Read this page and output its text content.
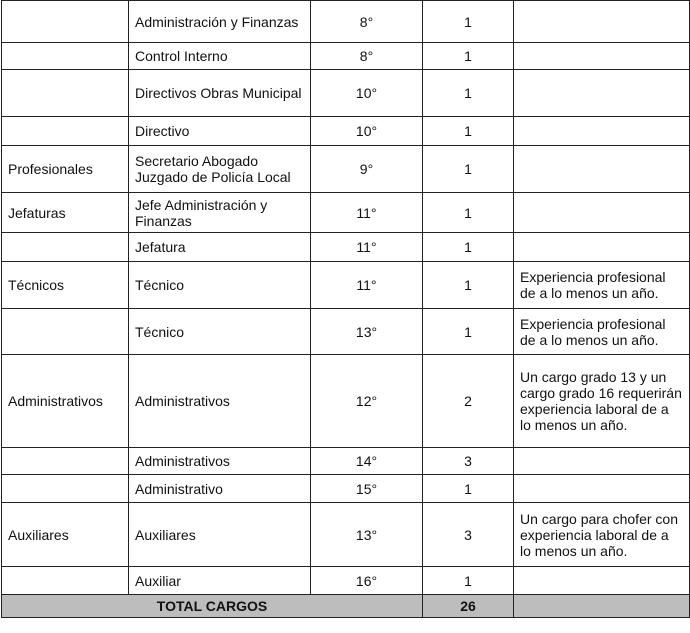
	Administración y Finanzas	8°	1	
	Control Interno	8°	1	
	Directivos Obras Municipal	10°	1	
	Directivo	10°	1	
Profesionales	Secretario Abogado Juzgado de Policía Local	9°	1	
Jefaturas	Jefe Administración y Finanzas	11°	1	
	Jefatura	11°	1	
Técnicos	Técnico	11°	1	Experiencia profesional de a lo menos un año.
	Técnico	13°	1	Experiencia profesional de a lo menos un año.
Administrativos	Administrativos	12°	2	Un cargo grado 13 y un cargo grado 16 requerirán experiencia laboral de a lo menos un año.
	Administrativos	14°	3	
	Administrativo	15°	1	
Auxiliares	Auxiliares	13°	3	Un cargo para chofer con experiencia laboral de a lo menos un año.
	Auxiliar	16°	1	
TOTAL CARGOS			26	
